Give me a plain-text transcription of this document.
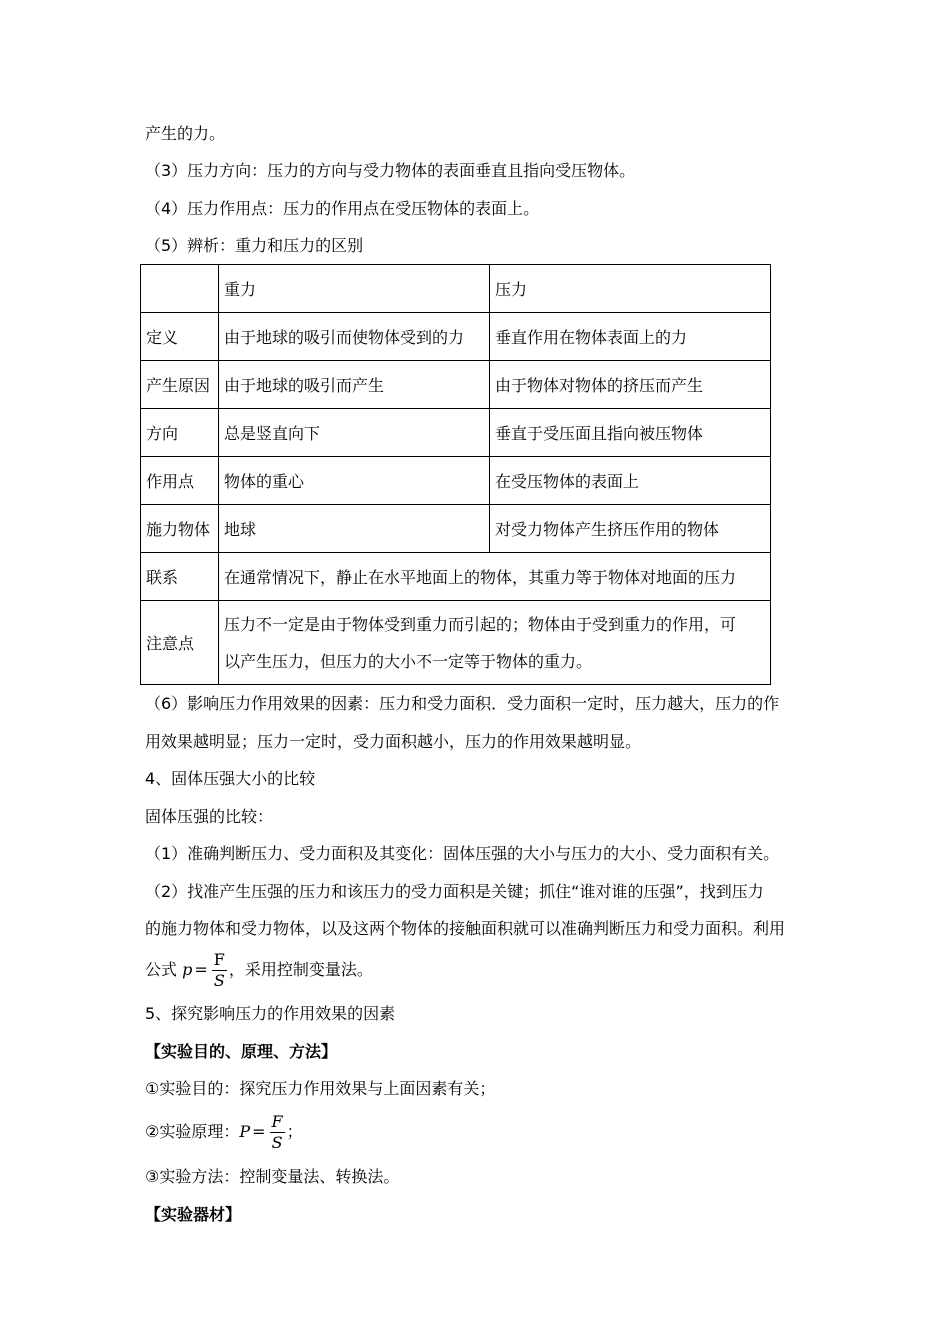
产生的力。
（3）压力方向：压力的方向与受力物体的表面垂直且指向受压物体。
（4）压力作用点：压力的作用点在受压物体的表面上。
（5）辨析：重力和压力的区别
	重力	压力
定义	由于地球的吸引而使物体受到的力	垂直作用在物体表面上的力
产生原因	由于地球的吸引而产生	由于物体对物体的挤压而产生
方向	总是竖直向下	垂直于受压面且指向被压物体
作用点	物体的重心	在受压物体的表面上
施力物体	地球	对受力物体产生挤压作用的物体
联系	在通常情况下，静止在水平地面上的物体，其重力等于物体对地面的压力	
注意点	压力不一定是由于物体受到重力而引起的；物体由于受到重力的作用，可
以产生压力，但压力的大小不一定等于物体的重力。	
（6）影响压力作用效果的因素：压力和受力面积．受力面积一定时，压力越大，压力的作
用效果越明显；压力一定时，受力面积越小，压力的作用效果越明显。
4、固体压强大小的比较
固体压强的比较：
（1）准确判断压力、受力面积及其变化：固体压强的大小与压力的大小、受力面积有关。
（2）找准产生压强的压力和该压力的受力面积是关键；抓住“谁对谁的压强”，找到压力
的施力物体和受力物体，以及这两个物体的接触面积就可以准确判断压力和受力面积。利用
公式 $p = \frac{F}{S}$ ，采用控制变量法。
5、探究影响压力的作用效果的因素
【实验目的、原理、方法】
①实验目的：探究压力作用效果与上面因素有关；
②实验原理：$P = \frac{F}{S}$ ；
③实验方法：控制变量法、转换法。
【实验器材】
